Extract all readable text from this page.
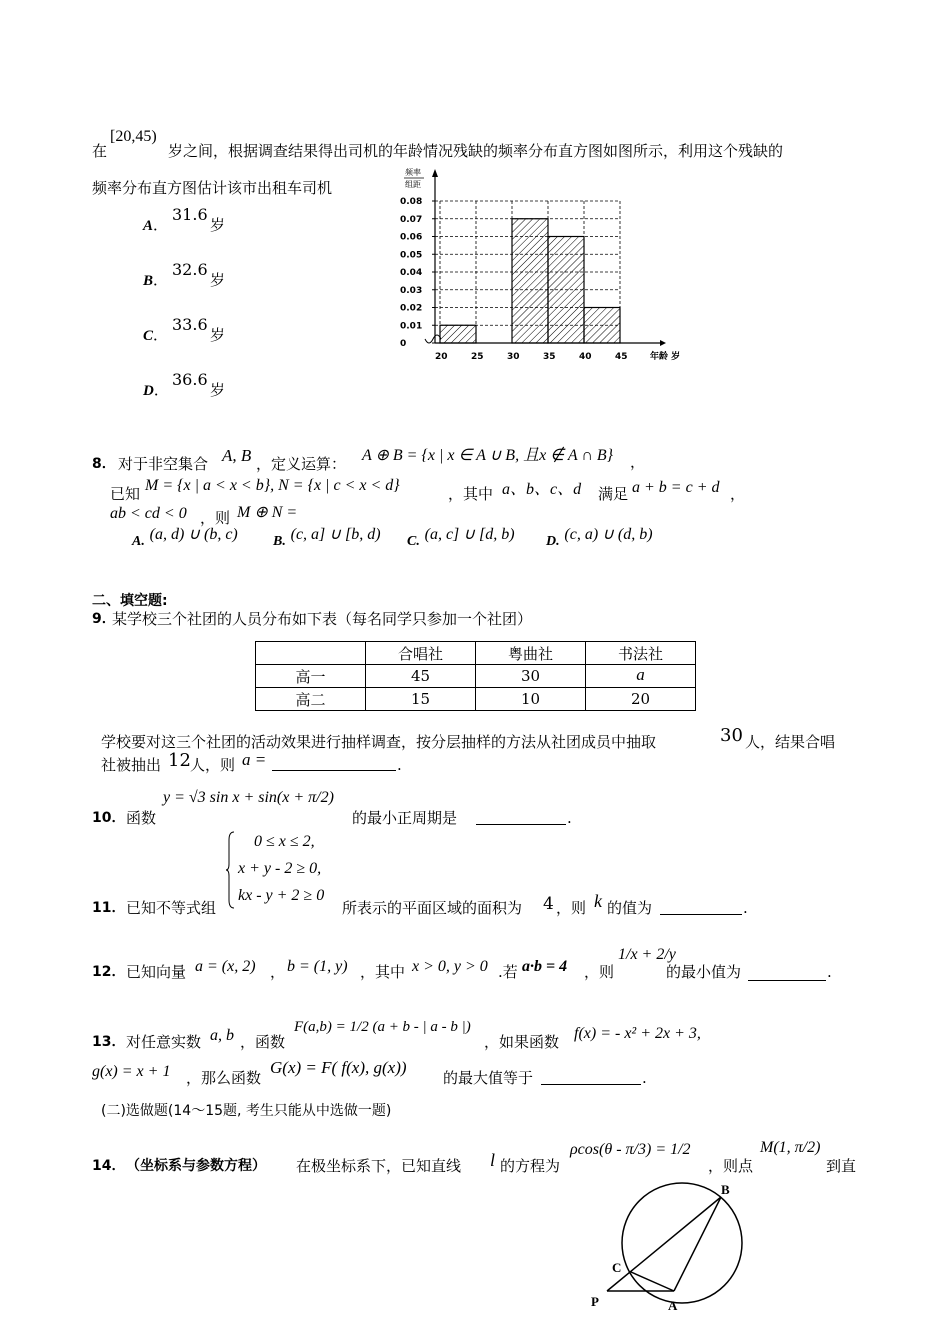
在
[20,45)
岁之间，根据调查结果得出司机的年龄情况残缺的频率分布直方图如图所示，利用这个残缺的
频率分布直方图估计该市出租车司机
A．
31.6
岁
B．
32.6
岁
C．
33.6
岁
D．
36.6
岁
0
0.01
0.02
0.03
0.04
0.05
0.06
0.07
0.08
20	25	30	35	40	45
频率
组距
年龄 岁
8． 对于非空集合 A, B ，定义运算： A ⊕ B = {x | x ∈ A ∪ B, 且x ∉ A ∩ B} ，
已知 M = {x | a < x < b}, N = {x | c < x < d}	，其中 a、b、c、d 满足 a + b = c + d ，
ab < cd < 0 ，则 M ⊕ N =
A. (a, d) ∪ (b, c)	B. (c, a] ∪ [b, d) C. (a, c] ∪ [d, b) D. (c, a) ∪ (d, b)
二、填空题:
9．
某学校三个社团的人员分布如下表（每名同学只参加一个社团）
	合唱社	粤曲社	书法社
高一	45	30	a
高二	15	10	20
学校要对这三个社团的活动效果进行抽样调查，按分层抽样的方法从社团成员中抽取	30 人，结果合唱
社被抽出 12 人，则 a =	.
10． 函数
y = √3 sin x + sin(x + π/2)
的最小正周期是	.
0 ≤ x ≤ 2,
x + y - 2 ≥ 0,
kx - y + 2 ≥ 0
11． 已知不等式组	所表示的平面区域的面积为 4 ，则 k 的值为	.
12． 已知向量 a = (x, 2) ， b = (1, y) ，其中 x > 0, y > 0 .若 a·b = 4 ，则
1/x + 2/y
的最小值为	.
13． 对任意实数 a, b ，函数
F(a,b) = 1/2 (a + b - | a - b |)
，如果函数 f(x) = - x² + 2x + 3,
g(x) = x + 1 ，那么函数
G(x) = F( f(x), g(x))
的最大值等于	.
(二)选做题(14～15题, 考生只能从中选做一题)
14． （坐标系与参数方程） 在极坐标系下，已知直线 l 的方程为
ρcos(θ - π/3) = 1/2
，则点
M(1, π/2)
到直
B
C
P	A
